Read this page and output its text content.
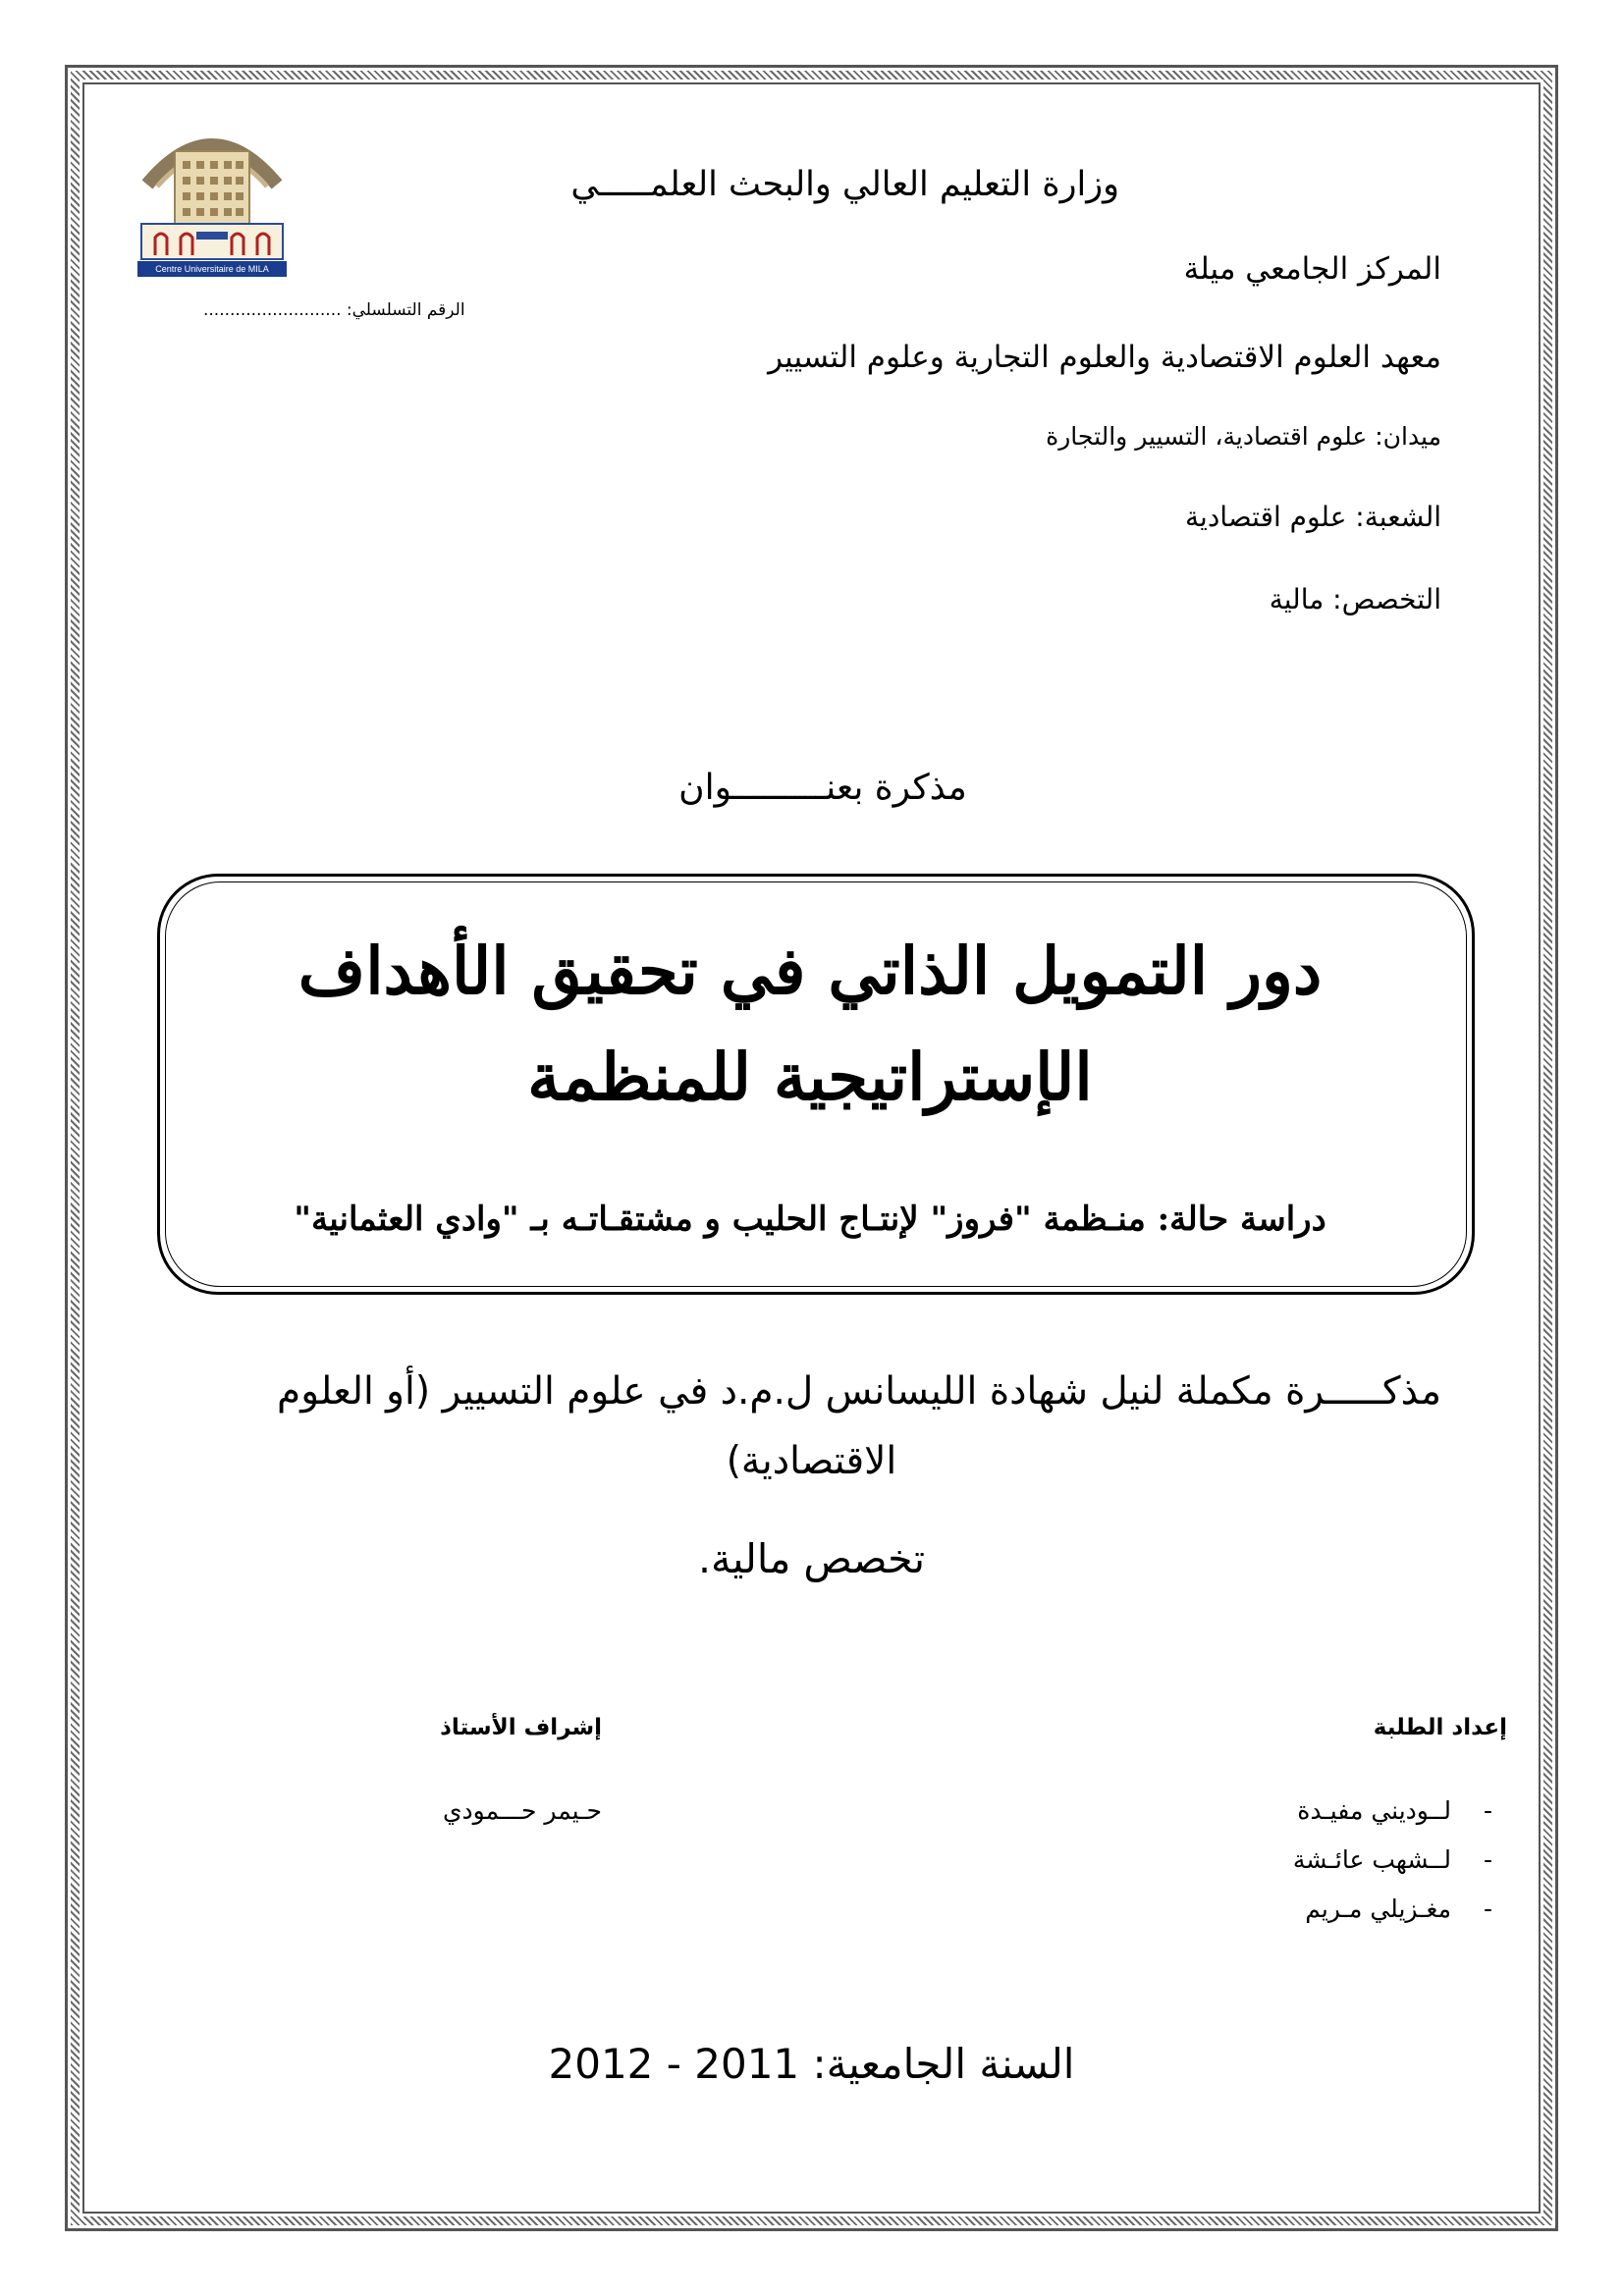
Centre Universitaire de MILA
وزارة التعليم العالي والبحث العلمـــــي
المركز الجامعي ميلة
الرقم التسلسلي: ..........................
معهد العلوم الاقتصادية والعلوم التجارية وعلوم التسيير
ميدان: علوم اقتصادية، التسيير والتجارة
الشعبة: علوم اقتصادية
التخصص: مالية
مذكرة بعنـــــــــوان
دور التمويل الذاتي في تحقيق الأهداف
الإستراتيجية للمنظمة
دراسة حالة: منـظمة "فروز" لإنتـاج الحليب و مشتقـاتـه بـ "وادي العثمانية"
مذكـــــرة مكملة لنيل شهادة الليسانس ل.م.د في علوم التسيير (أو العلوم
الاقتصادية)
تخصص مالية.
إعداد الطلبة
إشراف الأستاذ
-
لــوديني مفيـدة
-
لــشهب عائـشة
-
مغـزيلي مـريم
حـيمر حـــمودي
السنة الجامعية: 2011 - 2012
